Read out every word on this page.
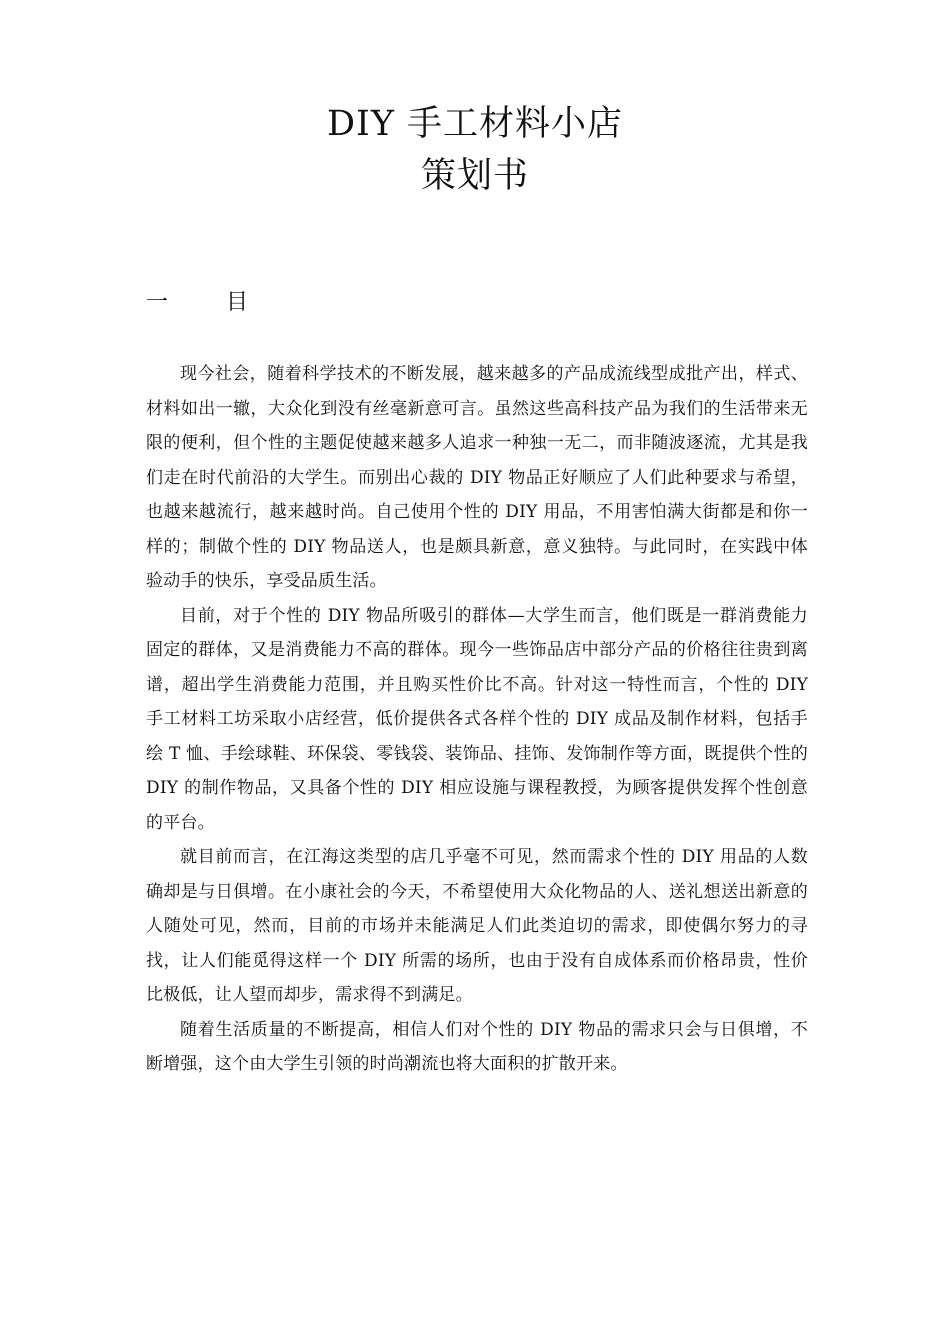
DIY 手工材料小店
策划书
一	目

现今社会，随着科学技术的不断发展，越来越多的产品成流线型成批产出，样式、材料如出一辙，大众化到没有丝毫新意可言。虽然这些高科技产品为我们的生活带来无限的便利，但个性的主题促使越来越多人追求一种独一无二，而非随波逐流，尤其是我们走在时代前沿的大学生。而别出心裁的 DIY 物品正好顺应了人们此种要求与希望，也越来越流行，越来越时尚。自己使用个性的 DIY 用品，不用害怕满大街都是和你一样的；制做个性的 DIY 物品送人，也是颇具新意，意义独特。与此同时，在实践中体验动手的快乐，享受品质生活。

目前，对于个性的 DIY 物品所吸引的群体—大学生而言，他们既是一群消费能力固定的群体，又是消费能力不高的群体。现今一些饰品店中部分产品的价格往往贵到离谱，超出学生消费能力范围，并且购买性价比不高。针对这一特性而言，个性的 DIY 手工材料工坊采取小店经营，低价提供各式各样个性的 DIY 成品及制作材料，包括手绘 T 恤、手绘球鞋、环保袋、零钱袋、装饰品、挂饰、发饰制作等方面，既提供个性的 DIY 的制作物品，又具备个性的 DIY 相应设施与课程教授，为顾客提供发挥个性创意的平台。

就目前而言，在江海这类型的店几乎毫不可见，然而需求个性的 DIY 用品的人数确却是与日俱增。在小康社会的今天，不希望使用大众化物品的人、送礼想送出新意的人随处可见，然而，目前的市场并未能满足人们此类迫切的需求，即使偶尔努力的寻找，让人们能觅得这样一个 DIY 所需的场所，也由于没有自成体系而价格昂贵，性价比极低，让人望而却步，需求得不到满足。

随着生活质量的不断提高，相信人们对个性的 DIY 物品的需求只会与日俱增，不断增强，这个由大学生引领的时尚潮流也将大面积的扩散开来。
